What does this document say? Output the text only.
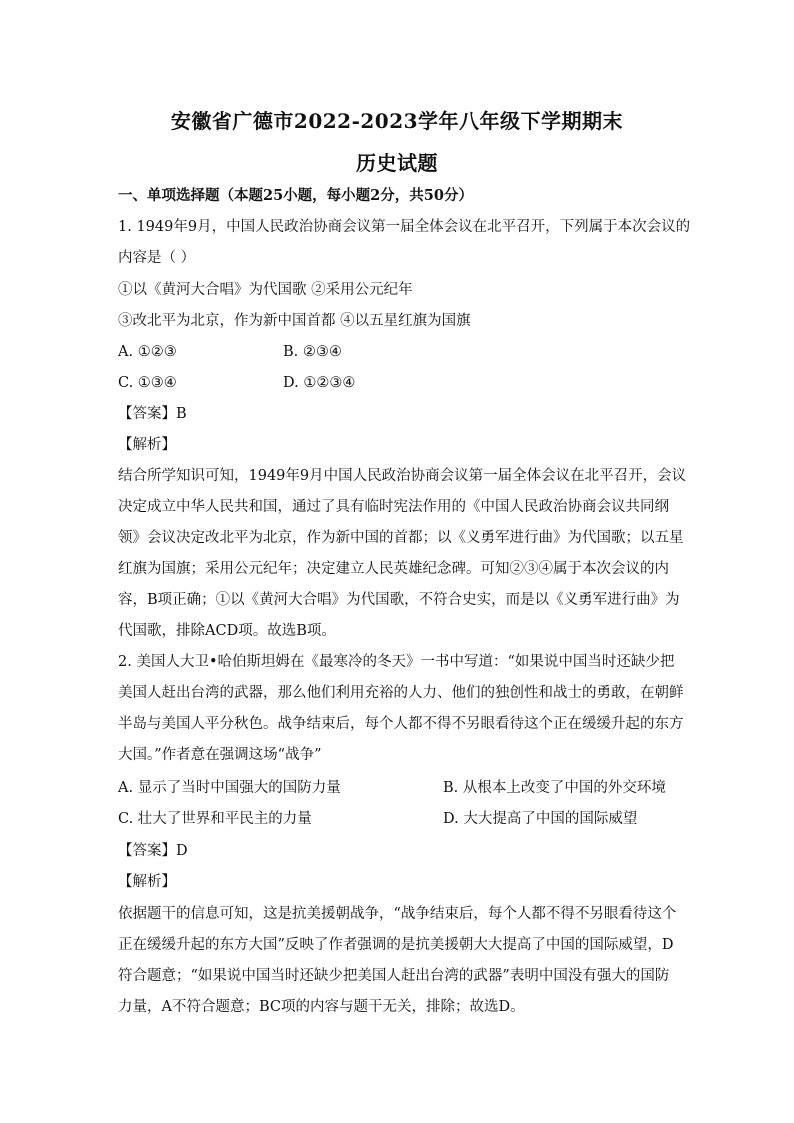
安徽省广德市2022-2023学年八年级下学期期末
历史试题
一、单项选择题（本题25小题，每小题2分，共50分）
1. 1949年9月，中国人民政治协商会议第一届全体会议在北平召开，下列属于本次会议的
内容是（ ）
①以《黄河大合唱》为代国歌 ②采用公元纪年
③改北平为北京，作为新中国首都 ④以五星红旗为国旗
A. ①②③	B. ②③④
C. ①③④	D. ①②③④
【答案】B
【解析】
结合所学知识可知，1949年9月中国人民政治协商会议第一届全体会议在北平召开，会议
决定成立中华人民共和国，通过了具有临时宪法作用的《中国人民政治协商会议共同纲
领》会议决定改北平为北京，作为新中国的首都；以《义勇军进行曲》为代国歌；以五星
红旗为国旗；采用公元纪年；决定建立人民英雄纪念碑。可知②③④属于本次会议的内
容，B项正确；①以《黄河大合唱》为代国歌，不符合史实，而是以《义勇军进行曲》为
代国歌，排除ACD项。故选B项。
2. 美国人大卫•哈伯斯坦姆在《最寒冷的冬天》一书中写道：“如果说中国当时还缺少把
美国人赶出台湾的武器，那么他们利用充裕的人力、他们的独创性和战士的勇敢，在朝鲜
半岛与美国人平分秋色。战争结束后，每个人都不得不另眼看待这个正在缓缓升起的东方
大国。”作者意在强调这场“战争”
A. 显示了当时中国强大的国防力量	B. 从根本上改变了中国的外交环境
C. 壮大了世界和平民主的力量	D. 大大提高了中国的国际威望
【答案】D
【解析】
依据题干的信息可知，这是抗美援朝战争，“战争结束后，每个人都不得不另眼看待这个
正在缓缓升起的东方大国”反映了作者强调的是抗美援朝大大提高了中国的国际威望，D
符合题意；“如果说中国当时还缺少把美国人赶出台湾的武器”表明中国没有强大的国防
力量，A不符合题意；BC项的内容与题干无关，排除；故选D。
